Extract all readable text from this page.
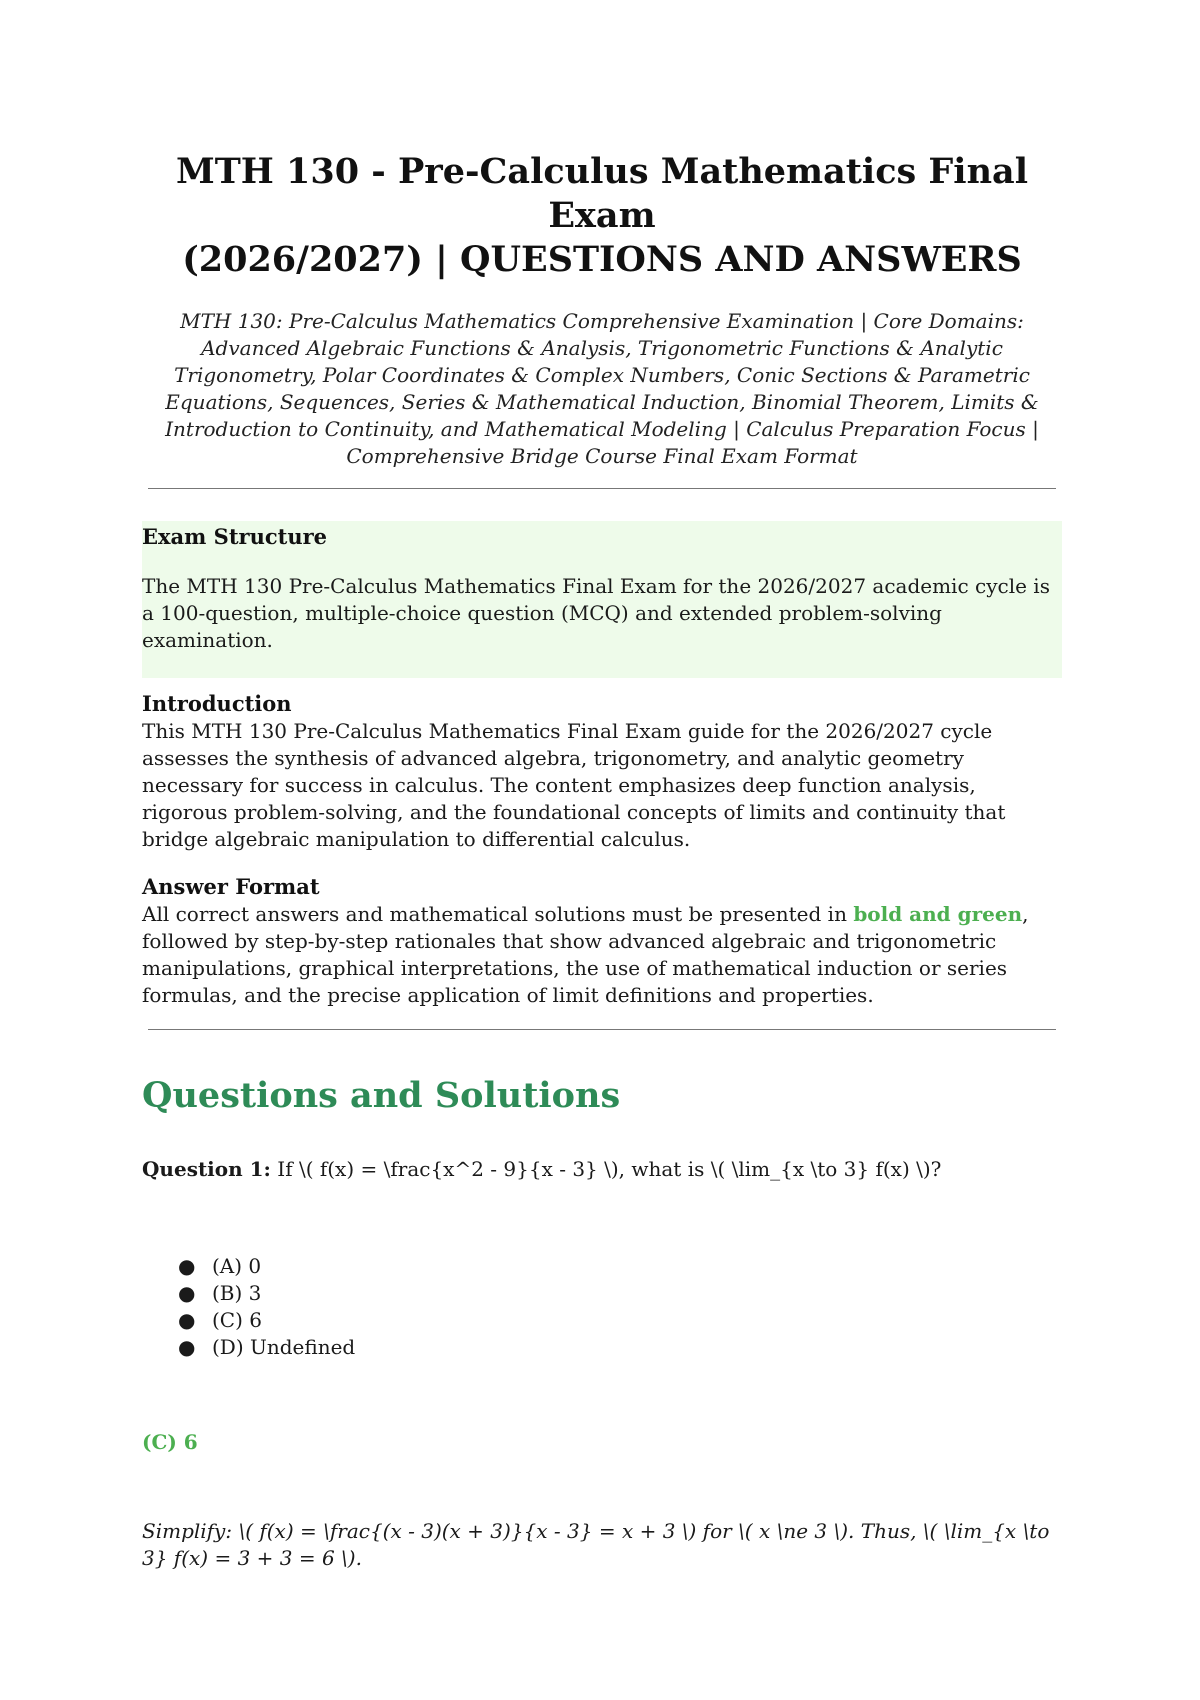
MTH 130 - Pre-Calculus Mathematics Final Exam
(2026/2027) | QUESTIONS AND ANSWERS

MTH 130: Pre-Calculus Mathematics Comprehensive Examination | Core Domains: Advanced Algebraic Functions & Analysis, Trigonometric Functions & Analytic Trigonometry, Polar Coordinates & Complex Numbers, Conic Sections & Parametric Equations, Sequences, Series & Mathematical Induction, Binomial Theorem, Limits & Introduction to Continuity, and Mathematical Modeling | Calculus Preparation Focus | Comprehensive Bridge Course Final Exam Format

Exam Structure

The MTH 130 Pre-Calculus Mathematics Final Exam for the 2026/2027 academic cycle is a 100-question, multiple-choice question (MCQ) and extended problem-solving examination.

Introduction

This MTH 130 Pre-Calculus Mathematics Final Exam guide for the 2026/2027 cycle assesses the synthesis of advanced algebra, trigonometry, and analytic geometry necessary for success in calculus. The content emphasizes deep function analysis, rigorous problem-solving, and the foundational concepts of limits and continuity that bridge algebraic manipulation to differential calculus.

Answer Format

All correct answers and mathematical solutions must be presented in bold and green, followed by step-by-step rationales that show advanced algebraic and trigonometric manipulations, graphical interpretations, the use of mathematical induction or series formulas, and the precise application of limit definitions and properties.

Questions and Solutions

Question 1: If \( f(x) = \frac{x^2 - 9}{x - 3} \), what is \( \lim_{x \to 3} f(x) \)?

● (A) 0
● (B) 3
● (C) 6
● (D) Undefined

(C) 6

Simplify: \( f(x) = \frac{(x - 3)(x + 3)}{x - 3} = x + 3 \) for \( x \ne 3 \). Thus, \( \lim_{x \to 3} f(x) = 3 + 3 = 6 \).
